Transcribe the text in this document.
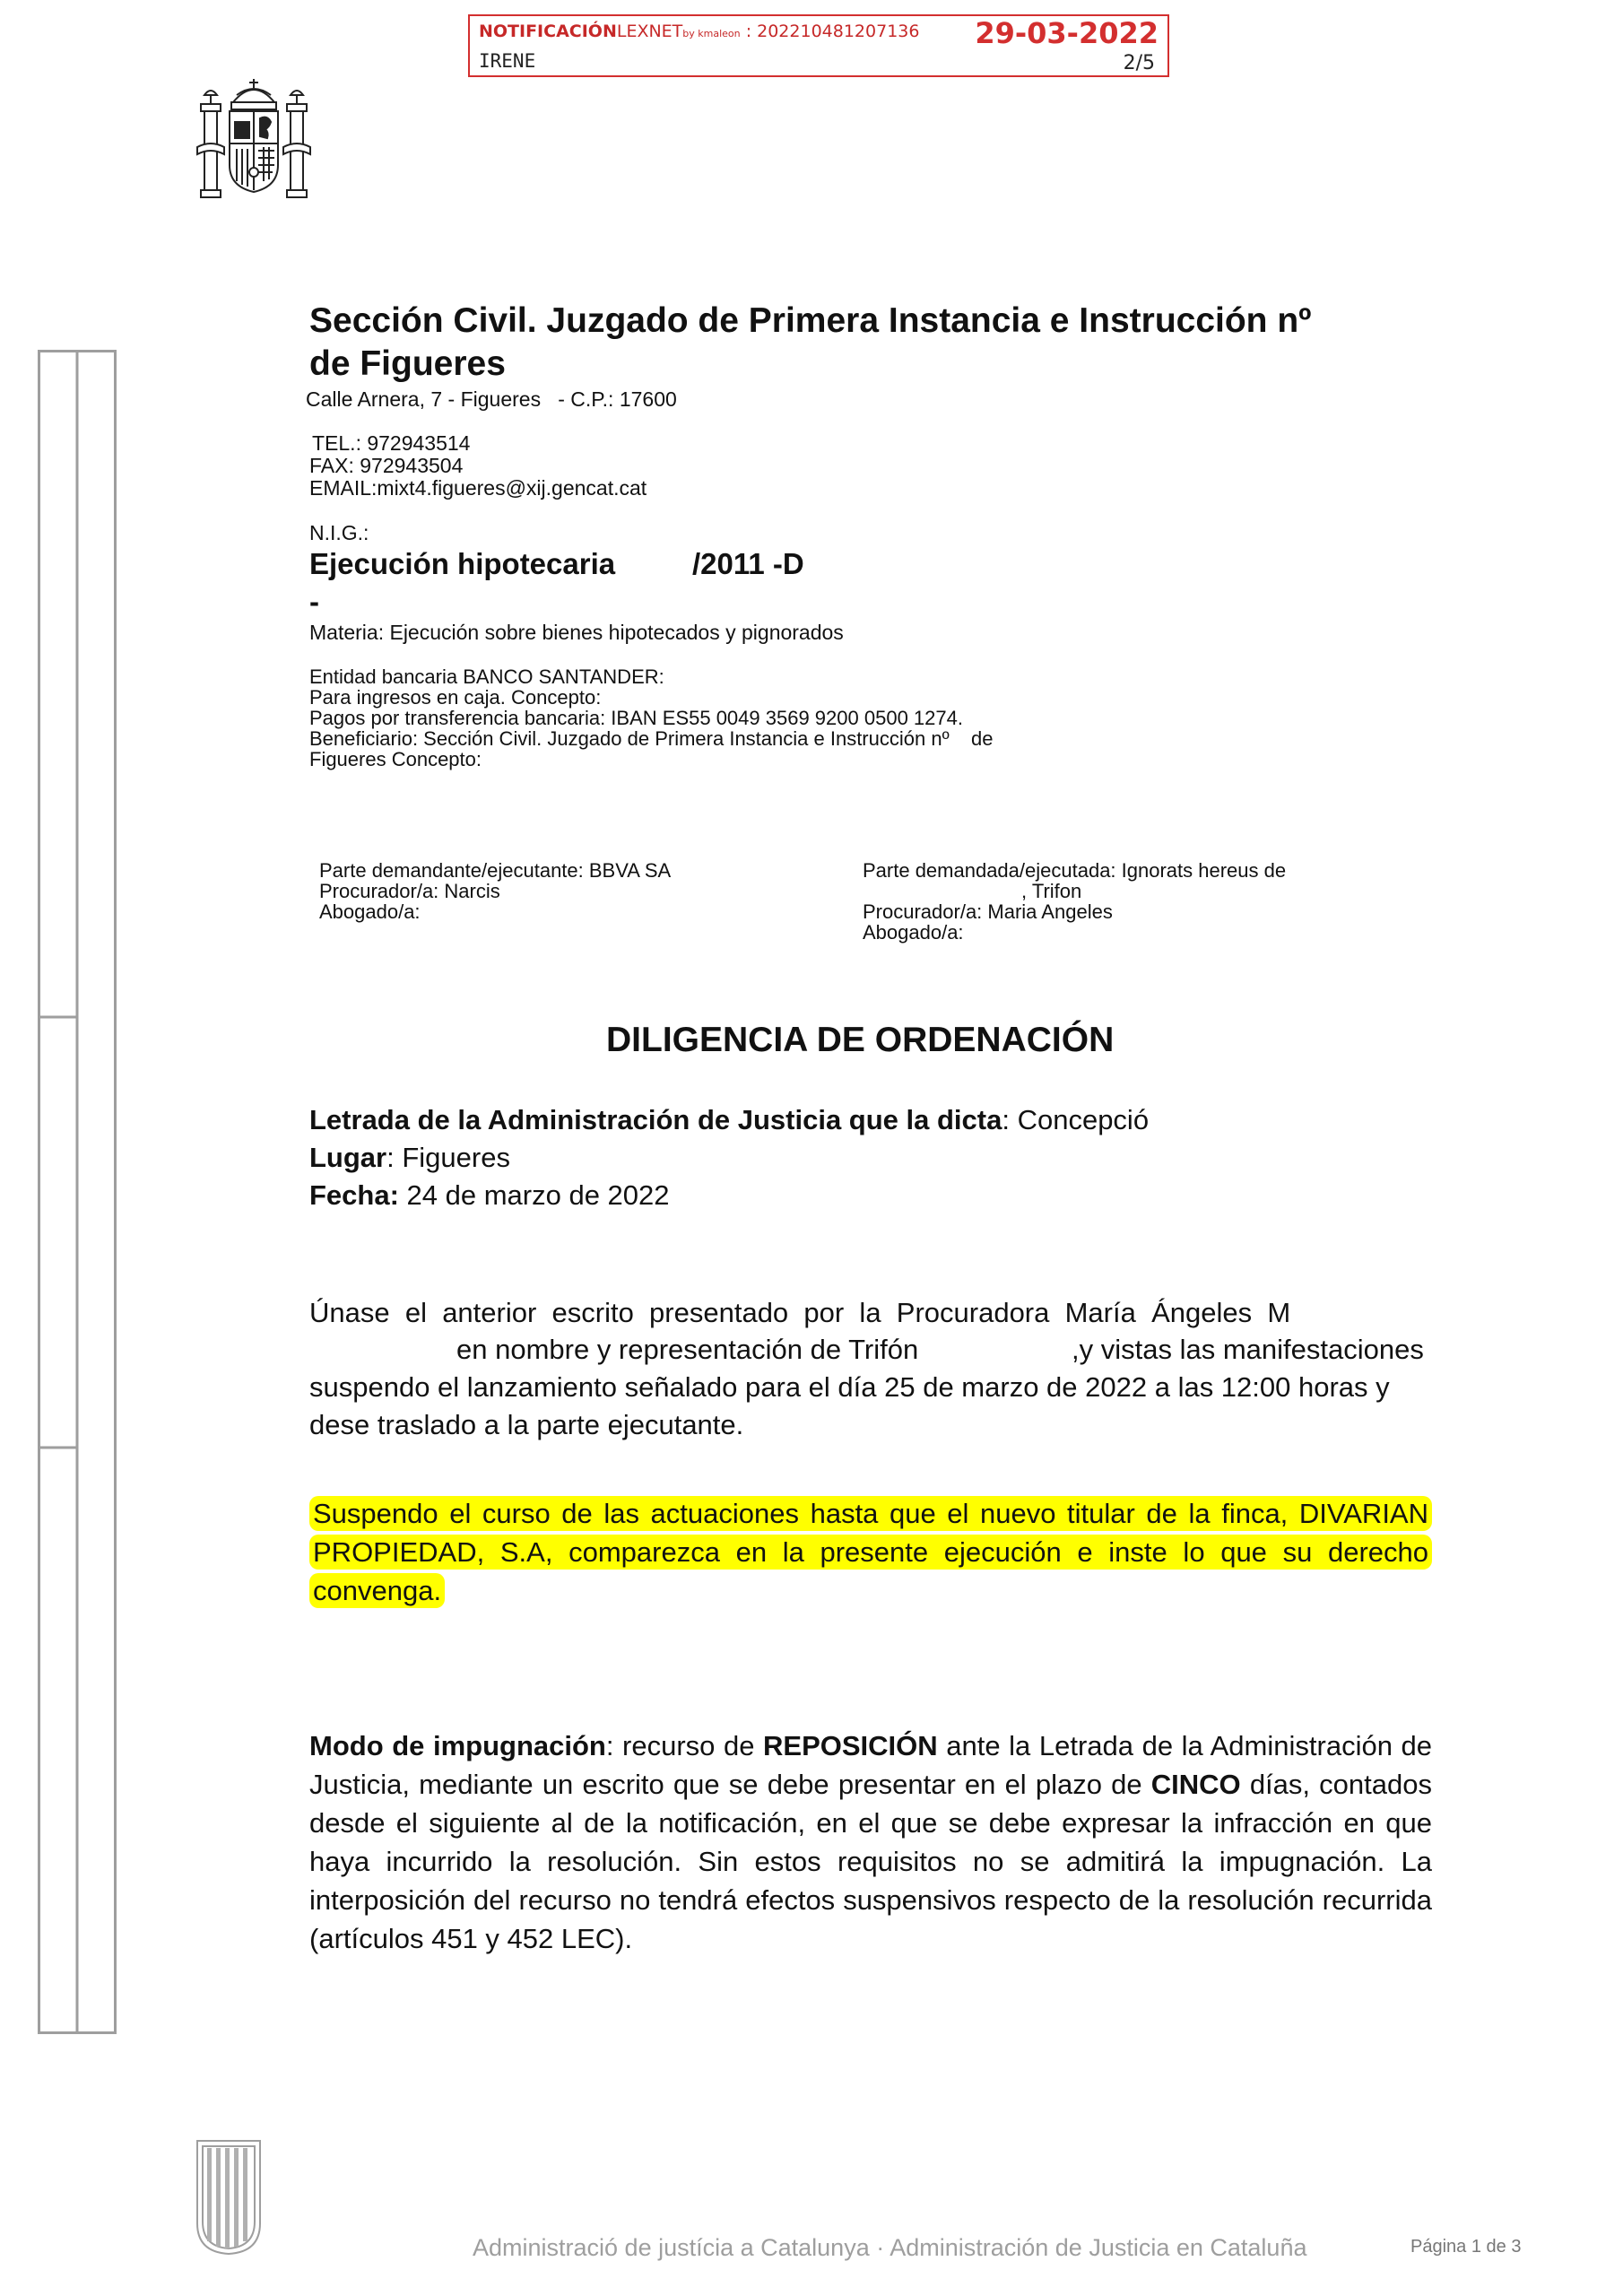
NOTIFICACIÓNLEXNETby kmaleon : 202210481207136 29-03-2022
IRENE	2/5
Sección Civil. Juzgado de Primera Instancia e Instrucción nº
de Figueres
Calle Arnera, 7 - Figueres   - C.P.: 17600
TEL.: 972943514
FAX: 972943504
EMAIL:mixt4.figueres@xij.gencat.cat
N.I.G.:
Ejecución hipotecaria	/2011 -D
-
Materia: Ejecución sobre bienes hipotecados y pignorados
Entidad bancaria BANCO SANTANDER:
Para ingresos en caja. Concepto:
Pagos por transferencia bancaria: IBAN ES55 0049 3569 9200 0500 1274.
Beneficiario: Sección Civil. Juzgado de Primera Instancia e Instrucción nº    de
Figueres Concepto:
Parte demandante/ejecutante: BBVA SA
Procurador/a: Narcis
Abogado/a:
Parte demandada/ejecutada: Ignorats hereus de
, Trifon
Procurador/a: Maria Angeles
Abogado/a:
DILIGENCIA DE ORDENACIÓN
Letrada de la Administración de Justicia que la dicta: Concepció
Lugar: Figueres
Fecha: 24 de marzo de 2022
Únase  el  anterior  escrito  presentado  por  la  Procuradora  María  Ángeles  M
en nombre y representación de Trifón	,y vistas las manifestaciones
suspendo el lanzamiento señalado para el día 25 de marzo de 2022 a las 12:00 horas y
dese traslado a la parte ejecutante.
Suspendo el curso de las actuaciones hasta que el nuevo titular de la finca, DIVARIAN PROPIEDAD, S.A, comparezca en la presente ejecución e inste lo que su derecho convenga.
Modo de impugnación: recurso de REPOSICIÓN ante la Letrada de la Administración de Justicia, mediante un escrito que se debe presentar en el plazo de CINCO días, contados desde el siguiente al de la notificación, en el que se debe expresar la infracción en que haya incurrido la resolución. Sin estos requisitos no se admitirá la impugnación. La interposición del recurso no tendrá efectos suspensivos respecto de la resolución recurrida (artículos 451 y 452 LEC).
Administració de justícia a Catalunya · Administración de Justicia en Cataluña	Página 1 de 3
